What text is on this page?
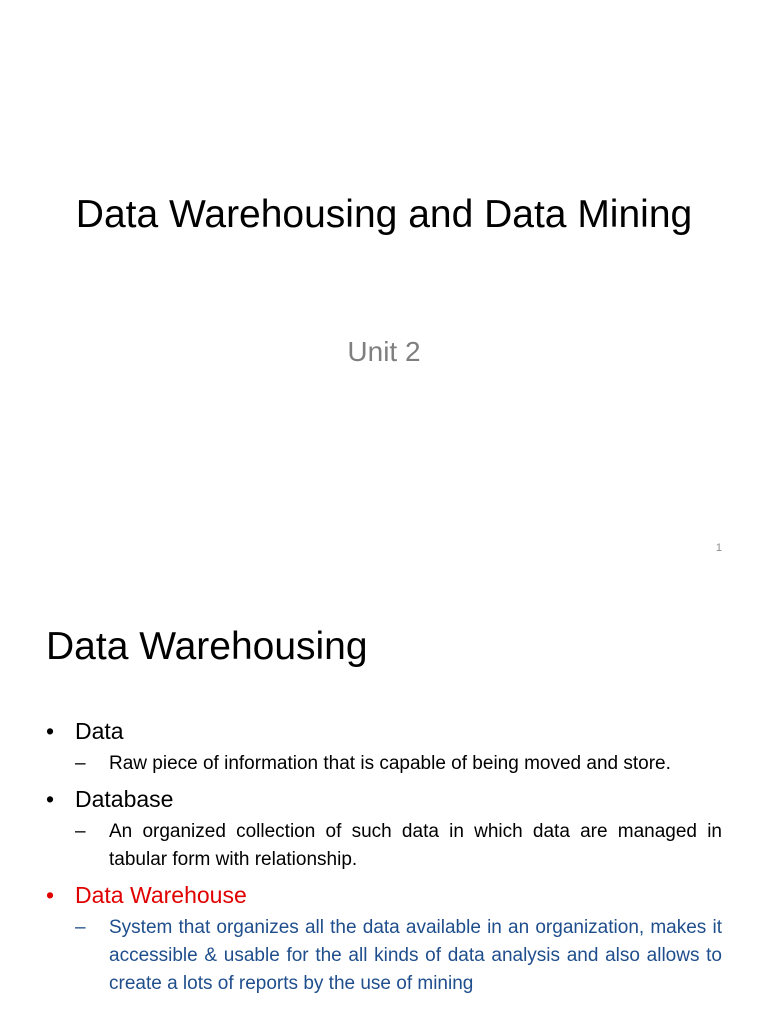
Data Warehousing and Data Mining
Unit 2
1
Data Warehousing
• Data
– Raw piece of information that is capable of being moved and store.
• Database
– An organized collection of such data in which data are managed in tabular form with relationship.
• Data Warehouse
– System that organizes all the data available in an organization, makes it accessible & usable for the all kinds of data analysis and also allows to create a lots of reports by the use of mining
